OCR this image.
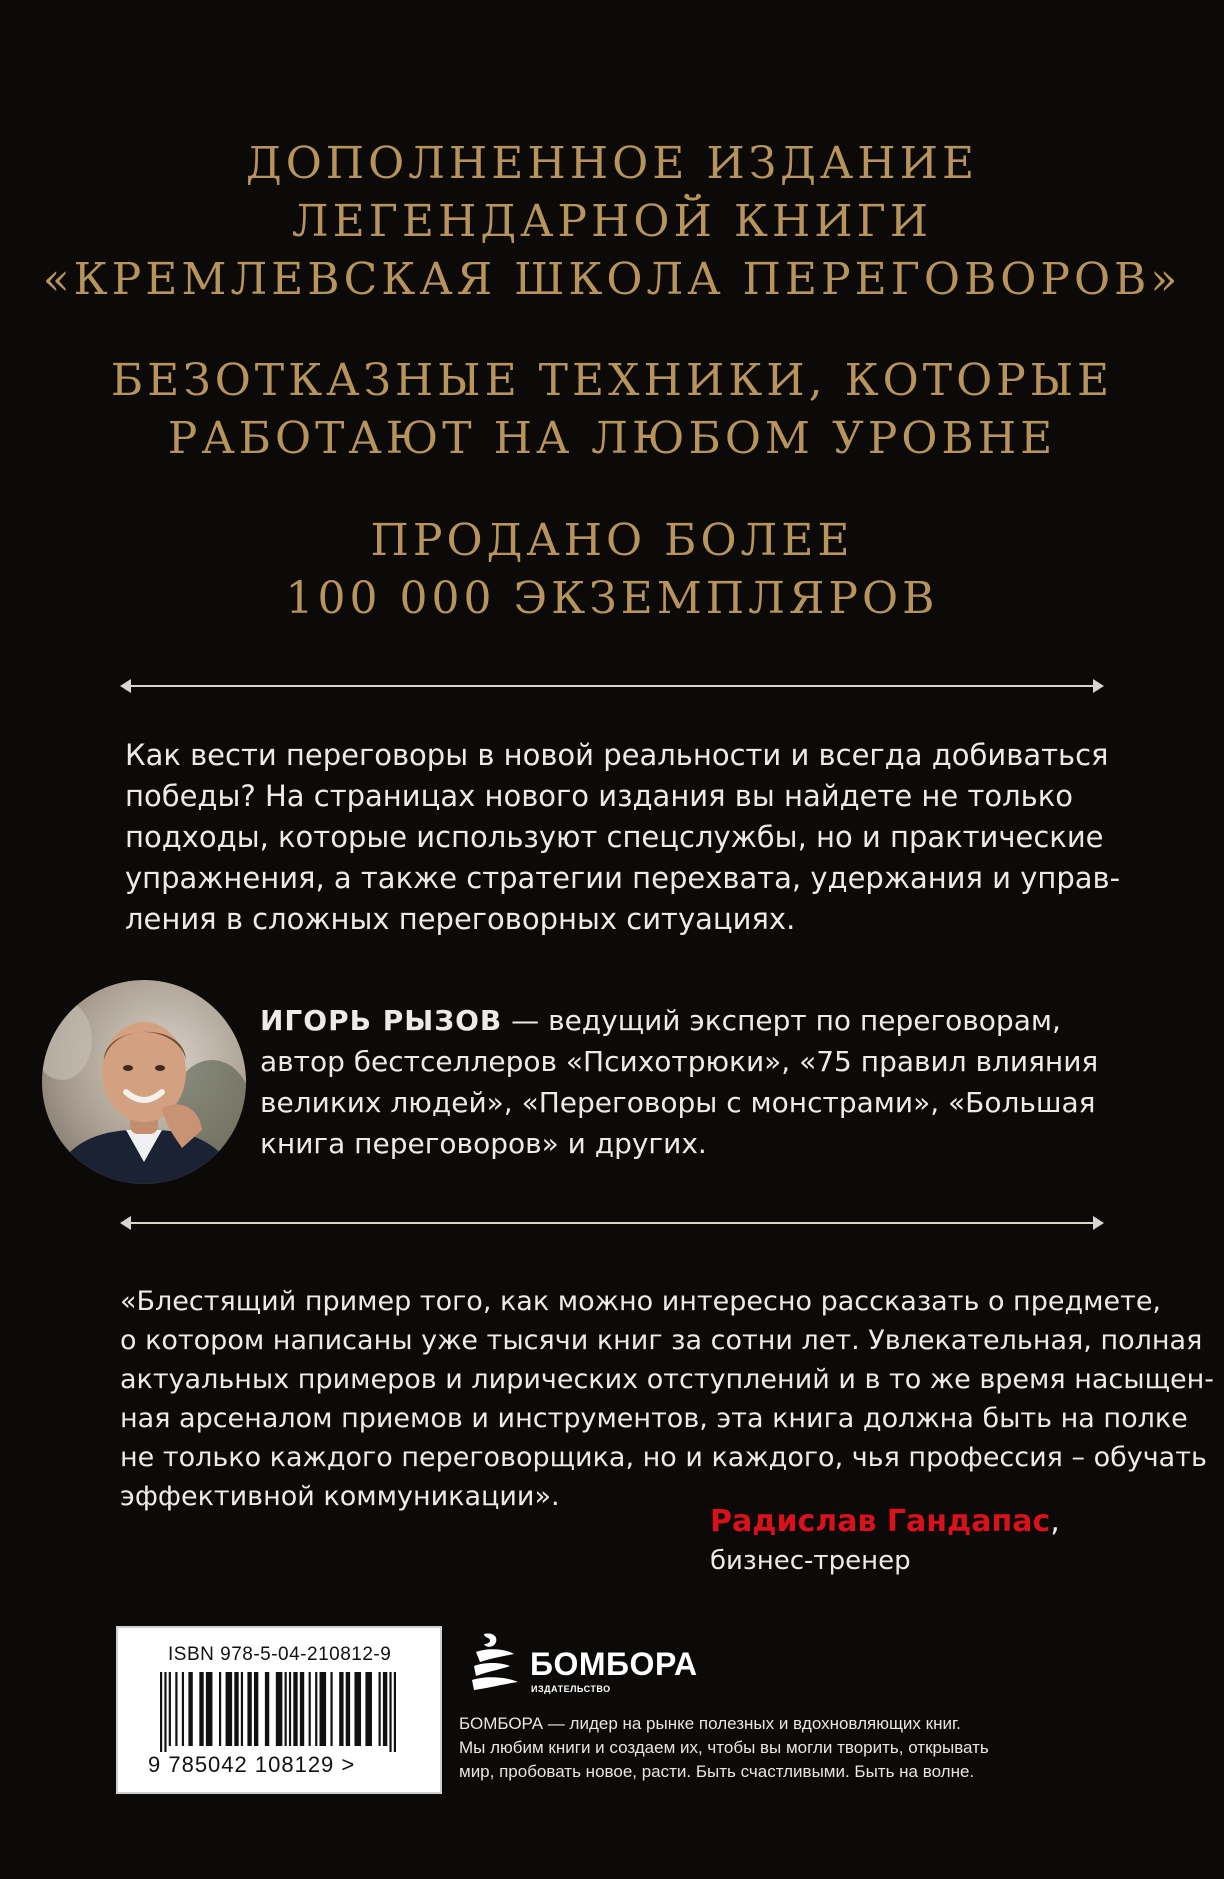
ДОПОЛНЕННОЕ ИЗДАНИЕ
ЛЕГЕНДАРНОЙ КНИГИ
«КРЕМЛЕВСКАЯ ШКОЛА ПЕРЕГОВОРОВ»
БЕЗОТКАЗНЫЕ ТЕХНИКИ, КОТОРЫЕ
РАБОТАЮТ НА ЛЮБОМ УРОВНЕ
ПРОДАНО БОЛЕЕ
100 000 ЭКЗЕМПЛЯРОВ
Как вести переговоры в новой реальности и всегда добиваться
победы? На страницах нового издания вы найдете не только
подходы, которые используют спецслужбы, но и практические
упражнения, а также стратегии перехвата, удержания и управ-
ления в сложных переговорных ситуациях.
ИГОРЬ РЫЗОВ — ведущий эксперт по переговорам,
автор бестселлеров «Психотрюки», «75 правил влияния
великих людей», «Переговоры с монстрами», «Большая
книга переговоров» и других.
«Блестящий пример того, как можно интересно рассказать о предмете,
о котором написаны уже тысячи книг за сотни лет. Увлекательная, полная
актуальных примеров и лирических отступлений и в то же время насыщен-
ная арсеналом приемов и инструментов, эта книга должна быть на полке
не только каждого переговорщика, но и каждого, чья профессия – обучать
эффективной коммуникации».
Радислав Гандапас,
бизнес-тренер
ISBN 978-5-04-210812-9
9 785042 108129 >
БОМБОРА
ИЗДАТЕЛЬСТВО
БОМБОРА — лидер на рынке полезных и вдохновляющих книг.
Мы любим книги и создаем их, чтобы вы могли творить, открывать
мир, пробовать новое, расти. Быть счастливыми. Быть на волне.
